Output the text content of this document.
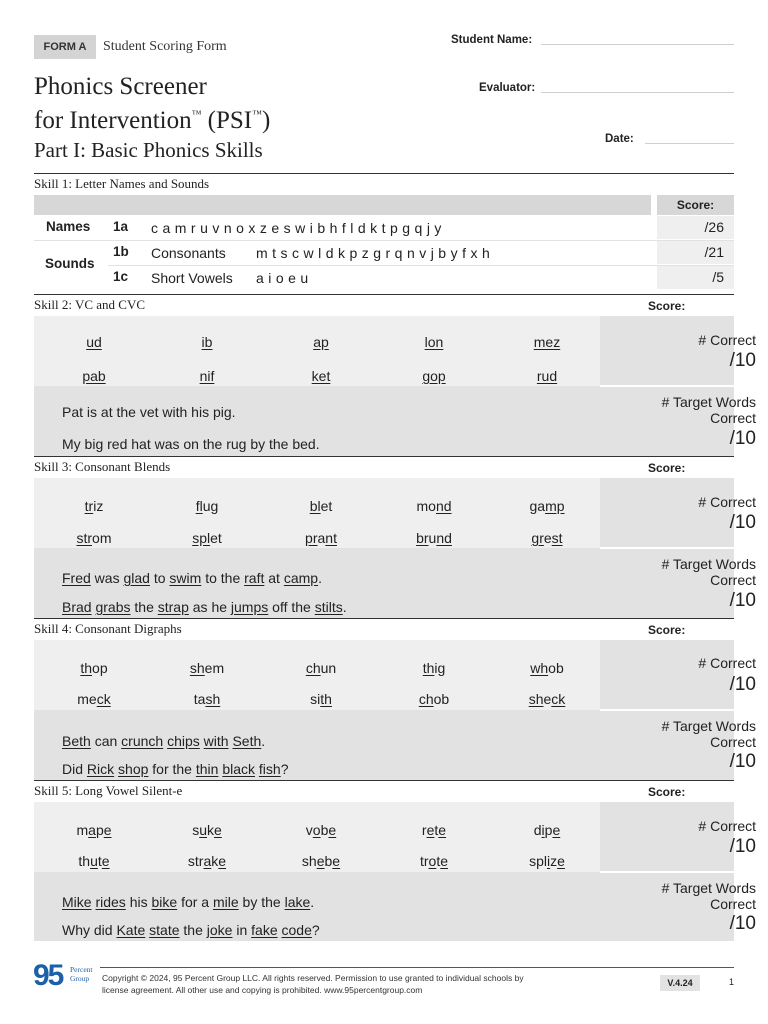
FORM A	Student Scoring Form
Phonics Screener
for Intervention™ (PSI™)
Part I: Basic Phonics Skills
Student Name:
Evaluator:
Date:
Skill 1: Letter Names and Sounds
Score:
Names 1a c a m r u v n o x z e s w i b h f l d k t p g q j y	/26
Sounds
1b Consonants m t s c w l d k p z g r q n v j b y f x h	/21
1c Short Vowels a i o e u	/5
Skill 2: VC and CVC	Score:
ud	ib	ap	lon	mez
pab	nif	ket	gop	rud
Pat is at the vet with his pig.
My big red hat was on the rug by the bed.
# Correct
/10
# Target Words
Correct
/10
Skill 3: Consonant Blends	Score:
triz	flug	blet	mond	gamp
strom	splet	prant	brund	grest
Fred was glad to swim to the raft at camp.
Brad grabs the strap as he jumps off the stilts.
# Correct
/10
# Target Words
Correct
/10
Skill 4: Consonant Digraphs	Score:
thop	shem	chun	thig	whob
meck	tash	sith	chob	sheck
Beth can crunch chips with Seth.
Did Rick shop for the thin black fish?
# Correct
/10
# Target Words
Correct
/10
Skill 5: Long Vowel Silent-e	Score:
mape	suke	vobe	rete	dipe
thute	strake	shebe	trote	splize
Mike rides his bike for a mile by the lake.
Why did Kate state the joke in fake code?
# Correct
/10
# Target Words
Correct
/10
95 Percent
Group Copyright © 2024, 95 Percent Group LLC. All rights reserved. Permission to use granted to individual schools by license agreement. All other use and copying is prohibited. www.95percentgroup.com
V.4.24	1
